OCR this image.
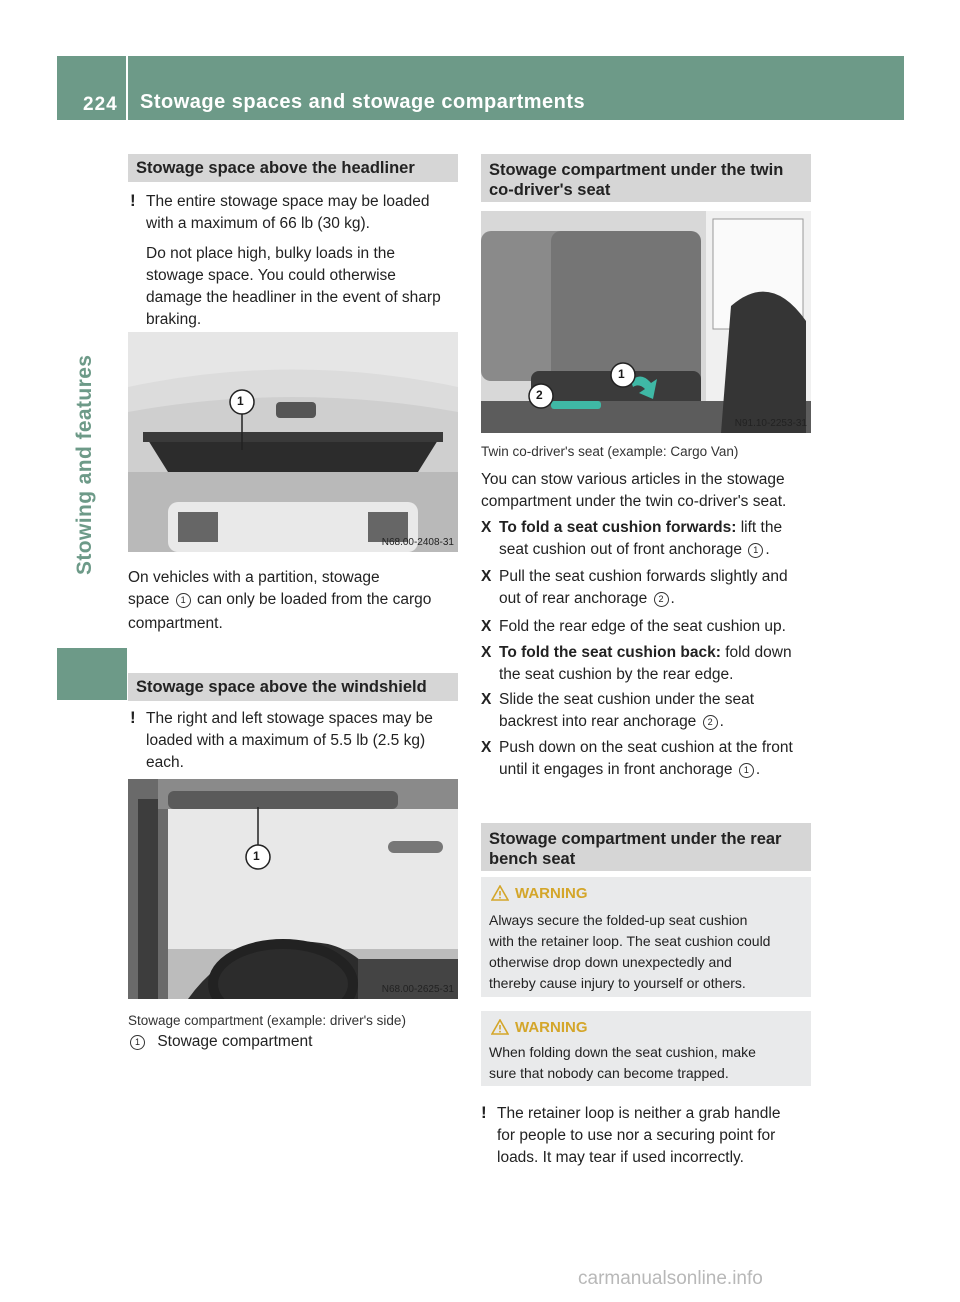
224 Stowage spaces and stowage compartments
Stowing and features
Stowage space above the headliner
! The entire stowage space may be loaded
with a maximum of 66 lb (30 kg).
Do not place high, bulky loads in the
stowage space. You could otherwise
damage the headliner in the event of sharp
braking.
1
N68.00-2408-31
On vehicles with a partition, stowage
space 1 can only be loaded from the cargo
compartment.
Stowage space above the windshield
! The right and left stowage spaces may be
loaded with a maximum of 5.5 lb (2.5 kg)
each.
1
N68.00-2625-31
Stowage compartment (example: driver's side)
1 Stowage compartment
Stowage compartment under the twin
co-driver's seat
1
2
N91.10-2253-31
Twin co-driver's seat (example: Cargo Van)
You can stow various articles in the stowage
compartment under the twin co-driver's seat.
X To fold a seat cushion forwards: lift the
seat cushion out of front anchorage 1 .
X Pull the seat cushion forwards slightly and
out of rear anchorage 2 .
X Fold the rear edge of the seat cushion up.
X To fold the seat cushion back: fold down
the seat cushion by the rear edge.
X Slide the seat cushion under the seat
backrest into rear anchorage 2 .
X Push down on the seat cushion at the front
until it engages in front anchorage 1 .
Stowage compartment under the rear
bench seat
WARNING
Always secure the folded-up seat cushion
with the retainer loop. The seat cushion could
otherwise drop down unexpectedly and
thereby cause injury to yourself or others.
WARNING
When folding down the seat cushion, make
sure that nobody can become trapped.
! The retainer loop is neither a grab handle
for people to use nor a securing point for
loads. It may tear if used incorrectly.
carmanualsonline.info
